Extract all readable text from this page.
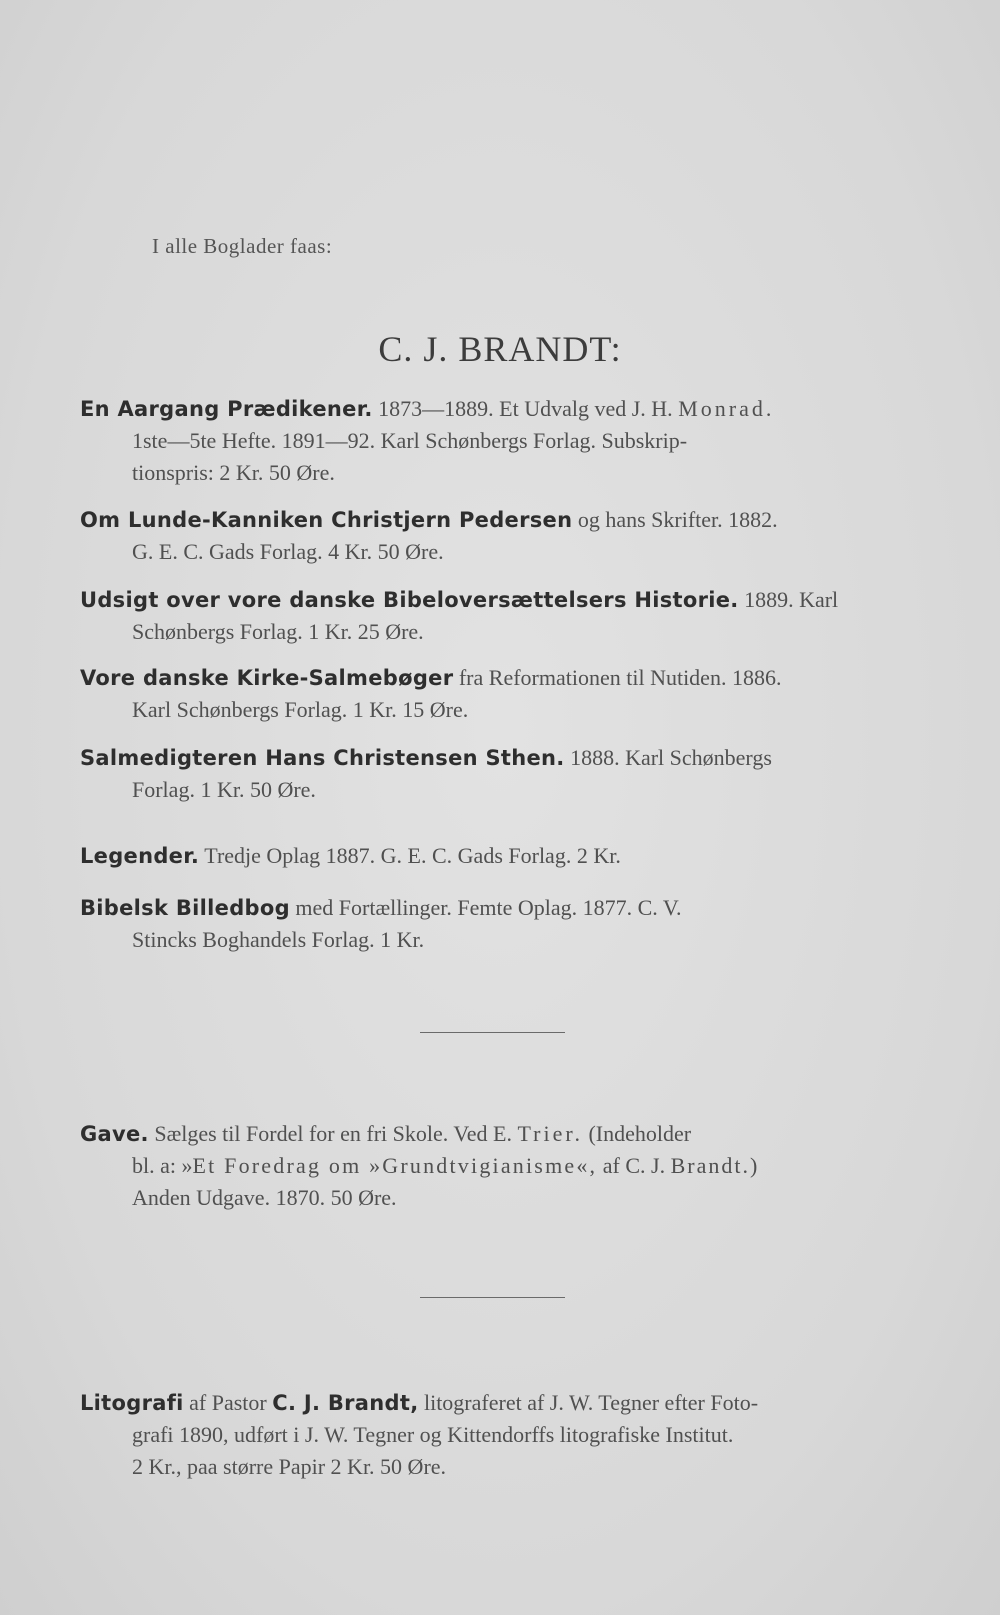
I alle Boglader faas:
C. J. BRANDT:
En Aargang Prædikener. 1873—1889. Et Udvalg ved J. H. Monrad.
1ste—5te Hefte. 1891—92. Karl Schønbergs Forlag. Subskrip-
tionspris: 2 Kr. 50 Øre.
Om Lunde-Kanniken Christjern Pedersen og hans Skrifter. 1882.
G. E. C. Gads Forlag. 4 Kr. 50 Øre.
Udsigt over vore danske Bibeloversættelsers Historie. 1889. Karl
Schønbergs Forlag. 1 Kr. 25 Øre.
Vore danske Kirke-Salmebøger fra Reformationen til Nutiden. 1886.
Karl Schønbergs Forlag. 1 Kr. 15 Øre.
Salmedigteren Hans Christensen Sthen. 1888. Karl Schønbergs
Forlag. 1 Kr. 50 Øre.
Legender. Tredje Oplag 1887. G. E. C. Gads Forlag. 2 Kr.
Bibelsk Billedbog med Fortællinger. Femte Oplag. 1877. C. V.
Stincks Boghandels Forlag. 1 Kr.
Gave. Sælges til Fordel for en fri Skole. Ved E. Trier. (Indeholder
bl. a: »Et Foredrag om »Grundtvigianisme«, af C. J. Brandt.)
Anden Udgave. 1870. 50 Øre.
Litografi af Pastor C. J. Brandt, litograferet af J. W. Tegner efter Foto-
grafi 1890, udført i J. W. Tegner og Kittendorffs litografiske Institut.
2 Kr., paa større Papir 2 Kr. 50 Øre.
